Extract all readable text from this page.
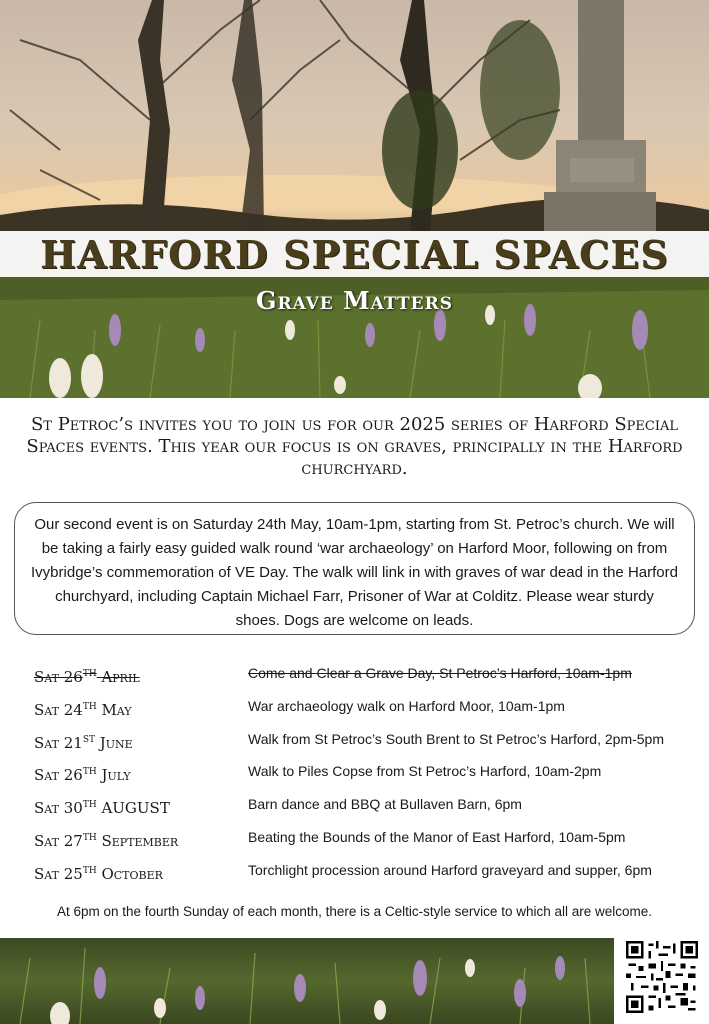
HARFORD SPECIAL SPACES
Grave Matters
St Petroc’s invites you to join us for our 2025 series of Harford Special Spaces events. This year our focus is on graves, principally in the Harford churchyard.
Our second event is on Saturday 24th May, 10am-1pm, starting from St. Petroc’s church. We will be taking a fairly easy guided walk round ‘war archaeology’ on Harford Moor, following on from Ivybridge’s commemoration of VE Day. The walk will link in with graves of war dead in the Harford churchyard, including Captain Michael Farr, Prisoner of War at Colditz. Please wear sturdy shoes. Dogs are welcome on leads.
Sat 26th April	Come and Clear a Grave Day, St Petroc’s Harford, 10am-1pm
Sat 24th May	War archaeology walk on Harford Moor, 10am-1pm
Sat 21st June	Walk from St Petroc’s South Brent to St Petroc’s Harford, 2pm-5pm
Sat 26th July	Walk to Piles Copse from St Petroc’s Harford, 10am-2pm
Sat 30th AUGUST	Barn dance and BBQ at Bullaven Barn, 6pm
Sat 27th September	Beating the Bounds of the Manor of East Harford, 10am-5pm
Sat 25th October	Torchlight procession around Harford graveyard and supper, 6pm
At 6pm on the fourth Sunday of each month, there is a Celtic-style service to which all are welcome.
